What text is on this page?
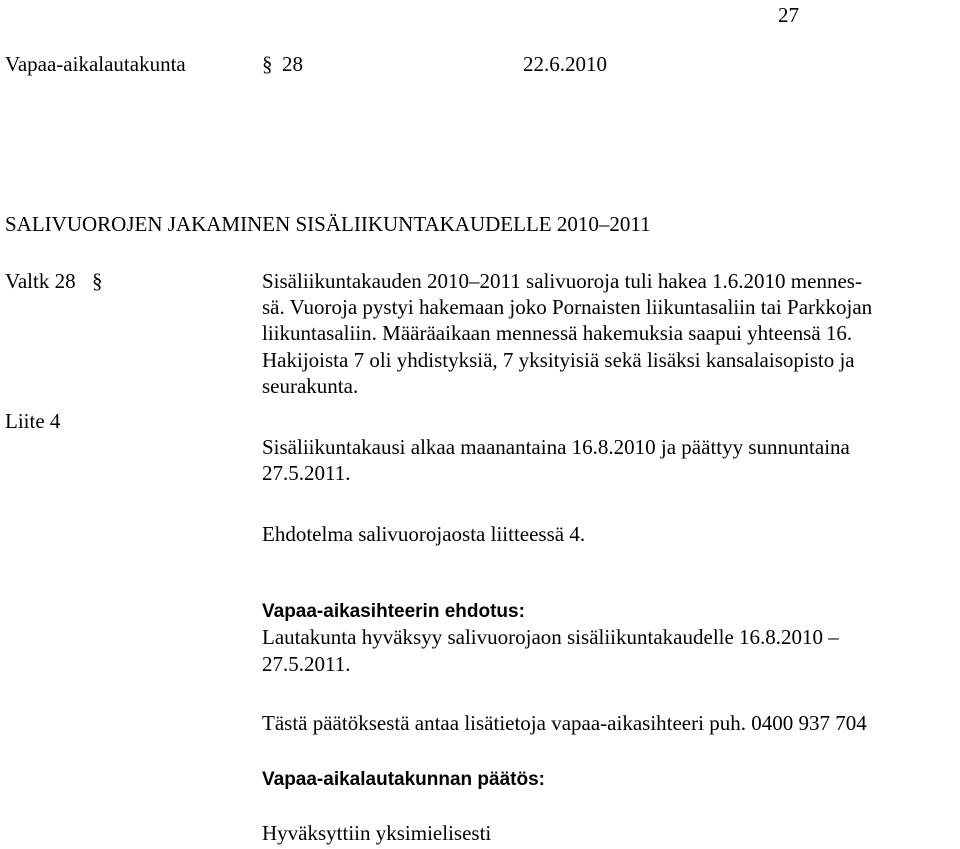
27
Vapaa-aikalautakunta	§ 28	22.6.2010
SALIVUOROJEN JAKAMINEN SISÄLIIKUNTAKAUDELLE 2010–2011
Valtk 28 §
Liite 4
Sisäliikuntakauden 2010–2011 salivuoroja tuli hakea 1.6.2010 mennes-
sä. Vuoroja pystyi hakemaan joko Pornaisten liikuntasaliin tai Parkkojan
liikuntasaliin. Määräaikaan mennessä hakemuksia saapui yhteensä 16.
Hakijoista 7 oli yhdistyksiä, 7 yksityisiä sekä lisäksi kansalaisopisto ja
seurakunta.
Sisäliikuntakausi alkaa maanantaina 16.8.2010 ja päättyy sunnuntaina
27.5.2011.
Ehdotelma salivuorojaosta liitteessä 4.
Vapaa-aikasihteerin ehdotus:
Lautakunta hyväksyy salivuorojaon sisäliikuntakaudelle 16.8.2010 –
27.5.2011.
Tästä päätöksestä antaa lisätietoja vapaa-aikasihteeri puh. 0400 937 704
Vapaa-aikalautakunnan päätös:
Hyväksyttiin yksimielisesti
